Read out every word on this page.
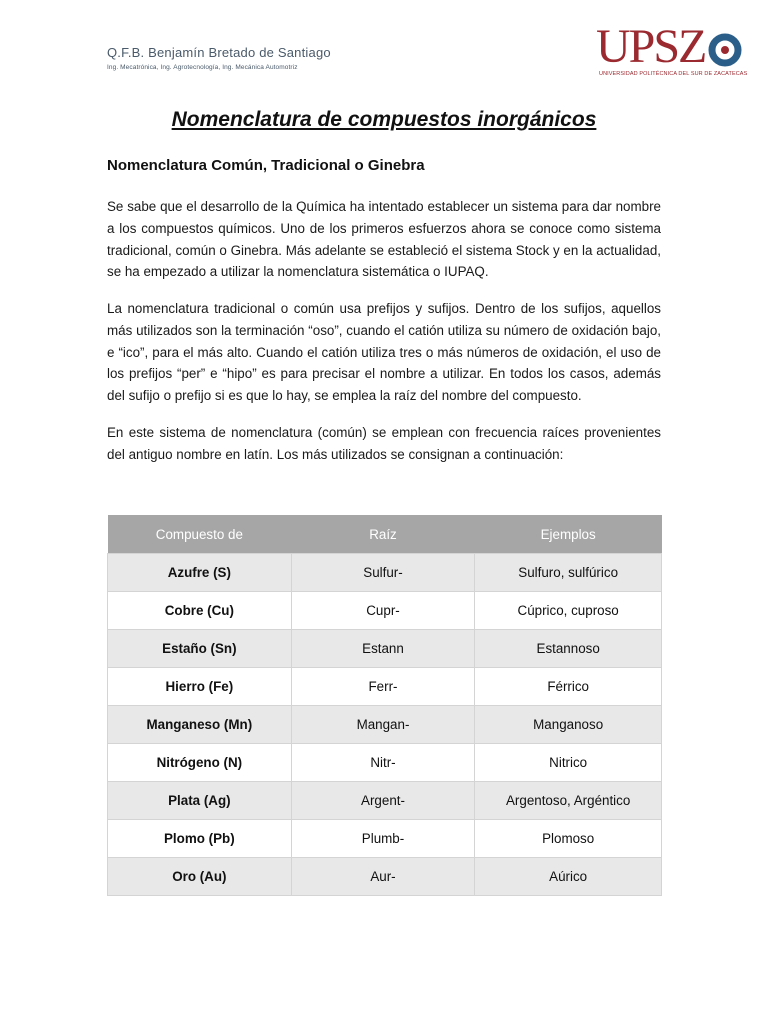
Q.F.B. Benjamín Bretado de Santiago
Ing. Mecatrónica, Ing. Agrotecnología, Ing. Mecánica Automotriz	UPSZ
UNIVERSIDAD POLITÉCNICA DEL SUR DE ZACATECAS
Nomenclatura de compuestos inorgánicos
Nomenclatura Común, Tradicional o Ginebra

Se sabe que el desarrollo de la Química ha intentado establecer un sistema para dar nombre a los compuestos químicos. Uno de los primeros esfuerzos ahora se conoce como sistema tradicional, común o Ginebra. Más adelante se estableció el sistema Stock y en la actualidad, se ha empezado a utilizar la nomenclatura sistemática o IUPAQ.

La nomenclatura tradicional o común usa prefijos y sufijos. Dentro de los sufijos, aquellos más utilizados son la terminación “oso”, cuando el catión utiliza su número de oxidación bajo, e “ico”, para el más alto. Cuando el catión utiliza tres o más números de oxidación, el uso de los prefijos “per” e “hipo” es para precisar el nombre a utilizar. En todos los casos, además del sufijo o prefijo si es que lo hay, se emplea la raíz del nombre del compuesto.

En este sistema de nomenclatura (común) se emplean con frecuencia raíces provenientes del antiguo nombre en latín. Los más utilizados se consignan a continuación:

Compuesto de	Raíz	Ejemplos
Azufre (S)	Sulfur-	Sulfuro, sulfúrico
Cobre (Cu)	Cupr-	Cúprico, cuproso
Estaño (Sn)	Estann	Estannoso
Hierro (Fe)	Ferr-	Férrico
Manganeso (Mn)	Mangan-	Manganoso
Nitrógeno (N)	Nitr-	Nitrico
Plata (Ag)	Argent-	Argentoso, Argéntico
Plomo (Pb)	Plumb-	Plomoso
Oro (Au)	Aur-	Aúrico
